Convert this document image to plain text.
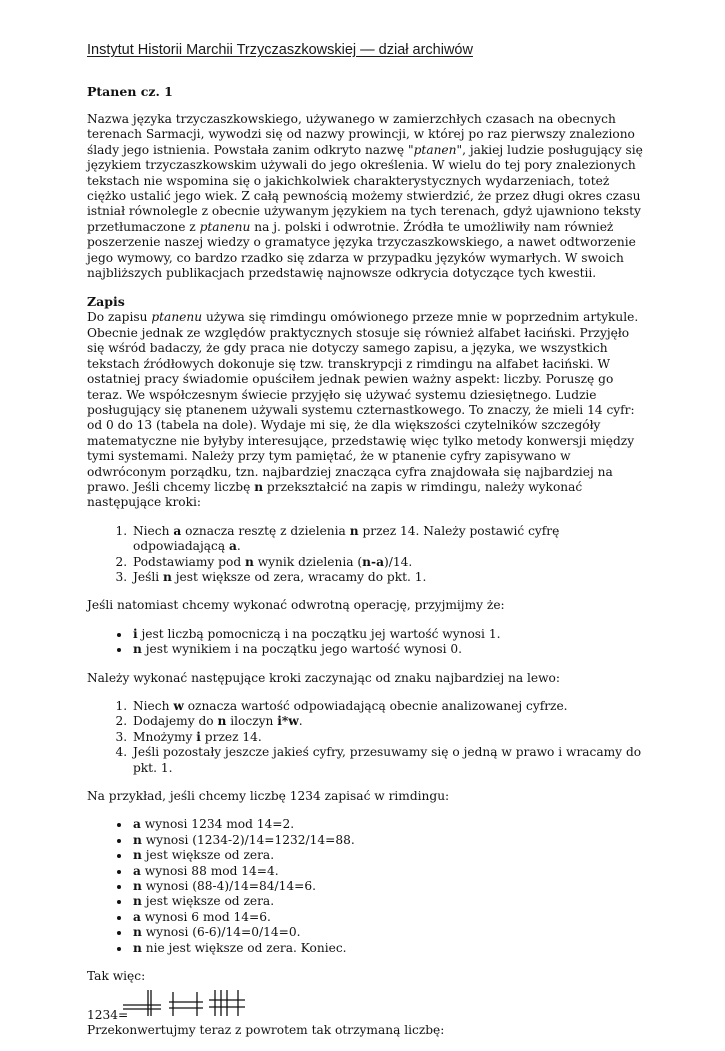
Instytut Historii Marchii Trzyczaszkowskiej — dział archiwów
Ptanen cz. 1

Nazwa języka trzyczaszkowskiego, używanego w zamierzchłych czasach na obecnych terenach Sarmacji, wywodzi się od nazwy prowincji, w której po raz pierwszy znaleziono ślady jego istnienia. Powstała zanim odkryto nazwę "ptanen", jakiej ludzie posługujący się językiem trzyczaszkowskim używali do jego określenia. W wielu do tej pory znalezionych tekstach nie wspomina się o jakichkolwiek charakterystycznych wydarzeniach, toteż ciężko ustalić jego wiek. Z całą pewnością możemy stwierdzić, że przez długi okres czasu istniał równolegle z obecnie używanym językiem na tych terenach, gdyż ujawniono teksty przetłumaczone z ptanenu na j. polski i odwrotnie. Źródła te umożliwiły nam również poszerzenie naszej wiedzy o gramatyce języka trzyczaszkowskiego, a nawet odtworzenie jego wymowy, co bardzo rzadko się zdarza w przypadku języków wymarłych. W swoich najbliższych publikacjach przedstawię najnowsze odkrycia dotyczące tych kwestii.

Zapis

Do zapisu ptanenu używa się rimdingu omówionego przeze mnie w poprzednim artykule. Obecnie jednak ze względów praktycznych stosuje się również alfabet łaciński. Przyjęło się wśród badaczy, że gdy praca nie dotyczy samego zapisu, a języka, we wszystkich tekstach źródłowych dokonuje się tzw. transkrypcji z rimdingu na alfabet łaciński. W ostatniej pracy świadomie opuściłem jednak pewien ważny aspekt: liczby. Poruszę go teraz. We współczesnym świecie przyjęło się używać systemu dziesiętnego. Ludzie posługujący się ptanenem używali systemu czternastkowego. To znaczy, że mieli 14 cyfr: od 0 do 13 (tabela na dole). Wydaje mi się, że dla większości czytelników szczegóły matematyczne nie byłyby interesujące, przedstawię więc tylko metody konwersji między tymi systemami. Należy przy tym pamiętać, że w ptanenie cyfry zapisywano w odwróconym porządku, tzn. najbardziej znacząca cyfra znajdowała się najbardziej na prawo. Jeśli chcemy liczbę n przekształcić na zapis w rimdingu, należy wykonać następujące kroki:

1. Niech a oznacza resztę z dzielenia n przez 14. Należy postawić cyfrę odpowiadającą a.
2. Podstawiamy pod n wynik dzielenia (n-a)/14.
3. Jeśli n jest większe od zera, wracamy do pkt. 1.

Jeśli natomiast chcemy wykonać odwrotną operację, przyjmijmy że:

• i jest liczbą pomocniczą i na początku jej wartość wynosi 1.
• n jest wynikiem i na początku jego wartość wynosi 0.

Należy wykonać następujące kroki zaczynając od znaku najbardziej na lewo:

1. Niech w oznacza wartość odpowiadającą obecnie analizowanej cyfrze.
2. Dodajemy do n iloczyn i*w.
3. Mnożymy i przez 14.
4. Jeśli pozostały jeszcze jakieś cyfry, przesuwamy się o jedną w prawo i wracamy do pkt. 1.

Na przykład, jeśli chcemy liczbę 1234 zapisać w rimdingu:

• a wynosi 1234 mod 14=2.
• n wynosi (1234-2)/14=1232/14=88.
• n jest większe od zera.
• a wynosi 88 mod 14=4.
• n wynosi (88-4)/14=84/14=6.
• n jest większe od zera.
• a wynosi 6 mod 14=6.
• n wynosi (6-6)/14=0/14=0.
• n nie jest większe od zera. Koniec.

Tak więc:

1234=

Przekonwertujmy teraz z powrotem tak otrzymaną liczbę:
